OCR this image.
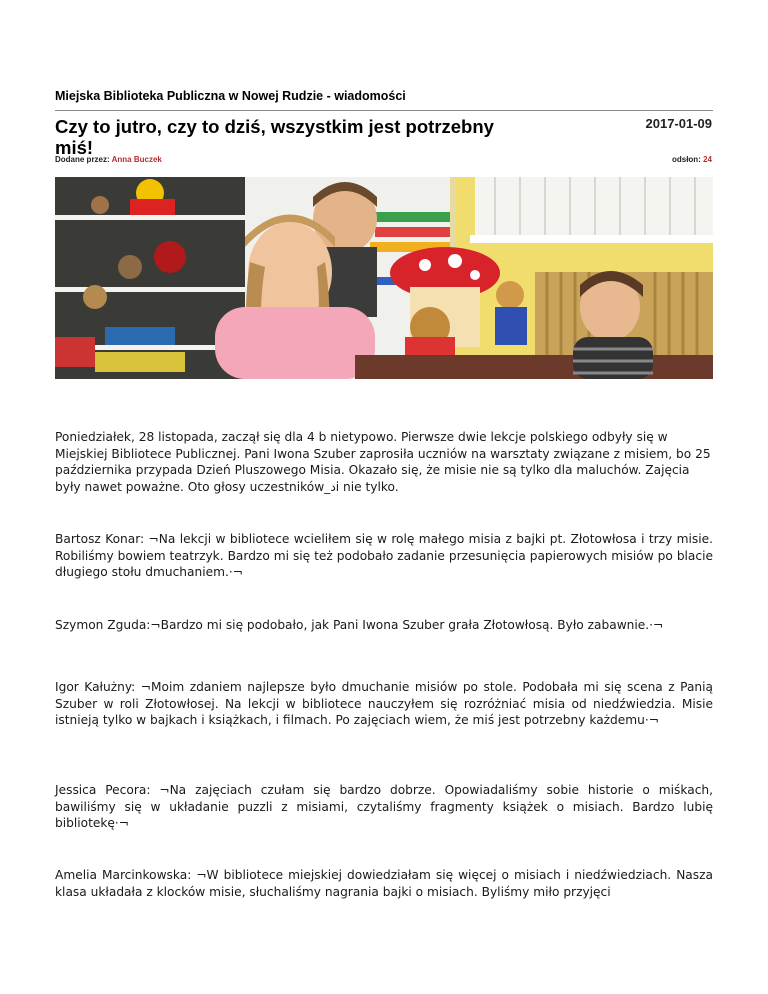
Miejska Biblioteka Publiczna w Nowej Rudzie - wiadomości
Czy to jutro, czy to dziś, wszystkim jest potrzebny miś!
2017-01-09
Dodane przez: Anna Buczek	odsłon: 24
Poniedziałek, 28 listopada, zaczął się dla 4 b nietypowo. Pierwsze dwie lekcje polskiego odbyły się w Miejskiej Bibliotece Publicznej. Pani Iwona Szuber zaprosiła uczniów na warsztaty związane z misiem, bo 25 października przypada Dzień Pluszowego Misia. Okazało się, że misie nie są tylko dla maluchów. Zajęcia były nawet poważne. Oto głosy uczestników_ﺩi nie tylko.
Bartosz Konar: ¬Na lekcji w bibliotece wcieliłem się w rolę małego misia z bajki pt. Złotowłosa i trzy misie. Robiliśmy bowiem teatrzyk. Bardzo mi się też podobało zadanie przesunięcia papierowych misiów po blacie długiego stołu dmuchaniem.·¬
Szymon Zguda:¬Bardzo mi się podobało, jak Pani Iwona Szuber grała Złotowłosą. Było zabawnie.·¬
Igor Kałużny: ¬Moim zdaniem najlepsze było dmuchanie misiów po stole. Podobała mi się scena z Panią Szuber w roli Złotowłosej. Na lekcji w bibliotece nauczyłem się rozróżniać misia od niedźwiedzia. Misie istnieją tylko w bajkach i książkach, i filmach. Po zajęciach wiem, że miś jest potrzebny każdemu·¬
Jessica Pecora: ¬Na zajęciach czułam się bardzo dobrze. Opowiadaliśmy sobie historie o miśkach, bawiliśmy się w układanie puzzli z misiami, czytaliśmy fragmenty książek o misiach. Bardzo lubię bibliotekę·¬
Amelia Marcinkowska: ¬W bibliotece miejskiej dowiedziałam się więcej o misiach i niedźwiedziach. Nasza klasa układała z klocków misie, słuchaliśmy nagrania bajki o misiach. Byliśmy miło przyjęci
